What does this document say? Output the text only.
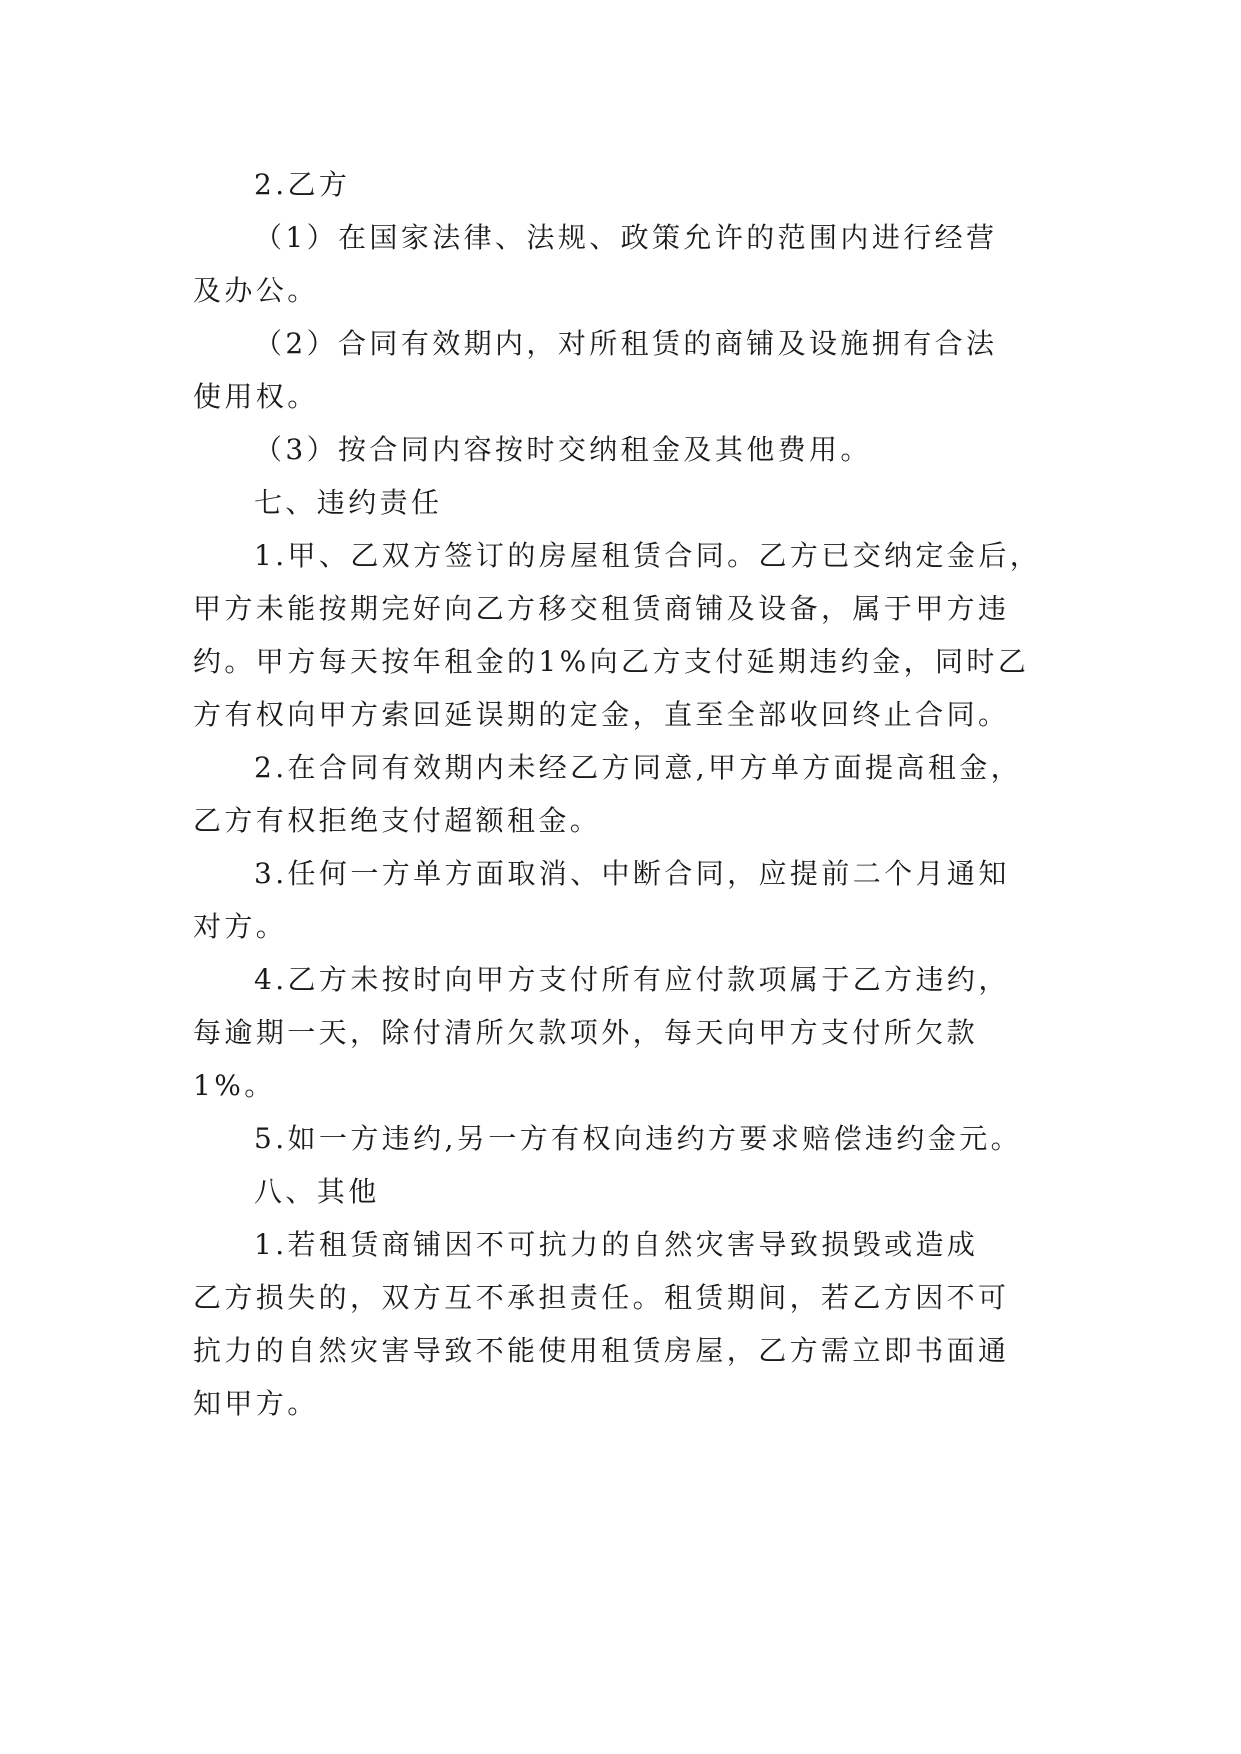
2.乙方
（1）在国家法律、法规、政策允许的范围内进行经营
及办公。
（2）合同有效期内，对所租赁的商铺及设施拥有合法
使用权。
（3）按合同内容按时交纳租金及其他费用。
七、违约责任
1.甲、乙双方签订的房屋租赁合同。乙方已交纳定金后，
甲方未能按期完好向乙方移交租赁商铺及设备，属于甲方违
约。甲方每天按年租金的1%向乙方支付延期违约金，同时乙
方有权向甲方索回延误期的定金，直至全部收回终止合同。
2.在合同有效期内未经乙方同意,甲方单方面提高租金，
乙方有权拒绝支付超额租金。
3.任何一方单方面取消、中断合同，应提前二个月通知
对方。
4.乙方未按时向甲方支付所有应付款项属于乙方违约，
每逾期一天，除付清所欠款项外，每天向甲方支付所欠款
1%。
5.如一方违约,另一方有权向违约方要求赔偿违约金元。
八、其他
1.若租赁商铺因不可抗力的自然灾害导致损毁或造成
乙方损失的，双方互不承担责任。租赁期间，若乙方因不可
抗力的自然灾害导致不能使用租赁房屋，乙方需立即书面通
知甲方。
